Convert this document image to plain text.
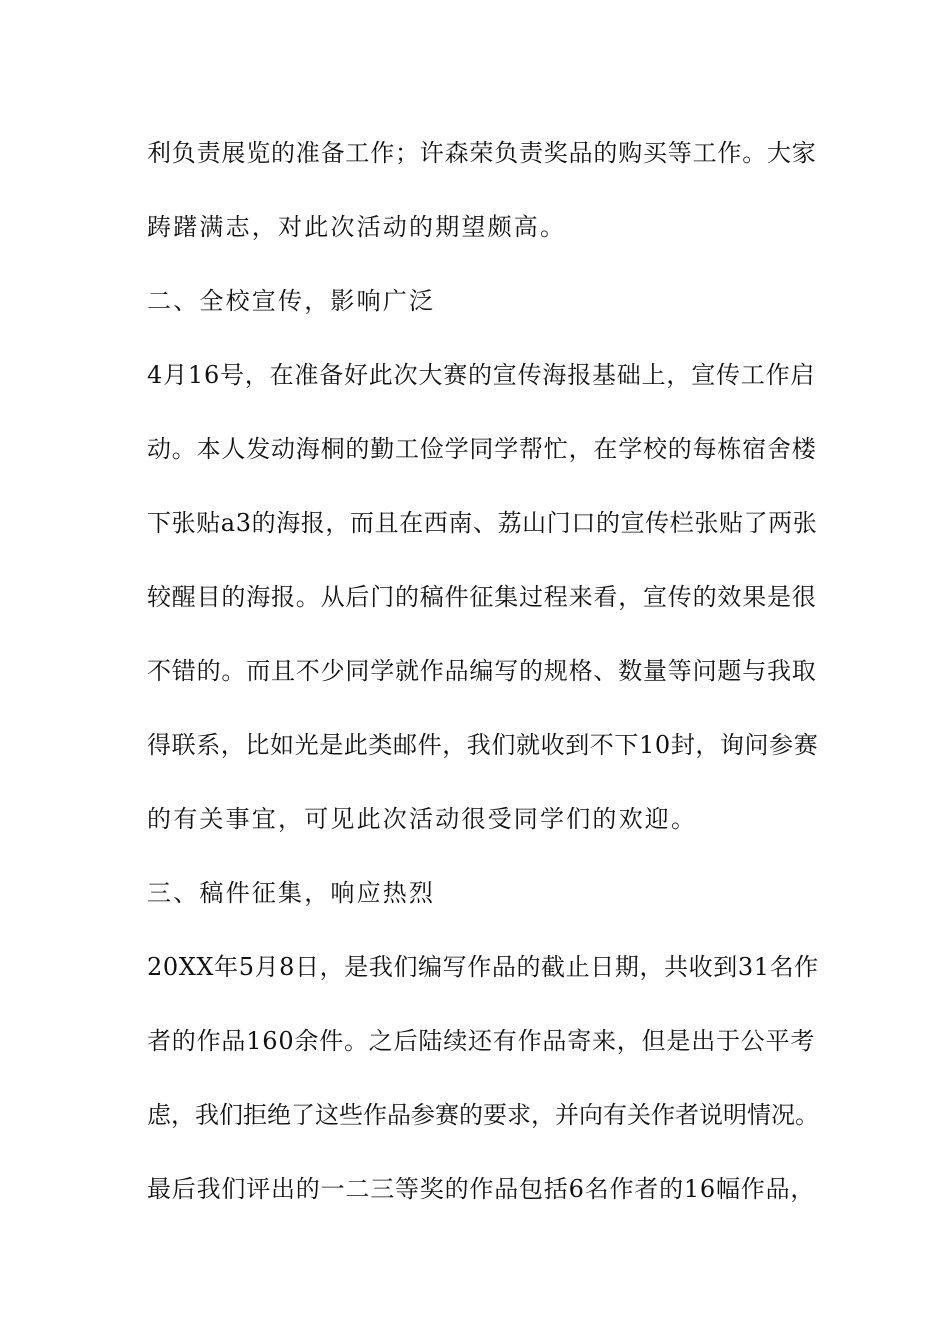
利负责展览的准备工作；许森荣负责奖品的购买等工作。大家
踌躇满志，对此次活动的期望颇高。
二、全校宣传，影响广泛
4月16号，在准备好此次大赛的宣传海报基础上，宣传工作启
动。本人发动海桐的勤工俭学同学帮忙，在学校的每栋宿舍楼
下张贴a3的海报，而且在西南、荔山门口的宣传栏张贴了两张
较醒目的海报。从后门的稿件征集过程来看，宣传的效果是很
不错的。而且不少同学就作品编写的规格、数量等问题与我取
得联系，比如光是此类邮件，我们就收到不下10封，询问参赛
的有关事宜，可见此次活动很受同学们的欢迎。
三、稿件征集，响应热烈
20XX年5月8日，是我们编写作品的截止日期，共收到31名作
者的作品160余件。之后陆续还有作品寄来，但是出于公平考
虑，我们拒绝了这些作品参赛的要求，并向有关作者说明情况。
最后我们评出的一二三等奖的作品包括6名作者的16幅作品，
